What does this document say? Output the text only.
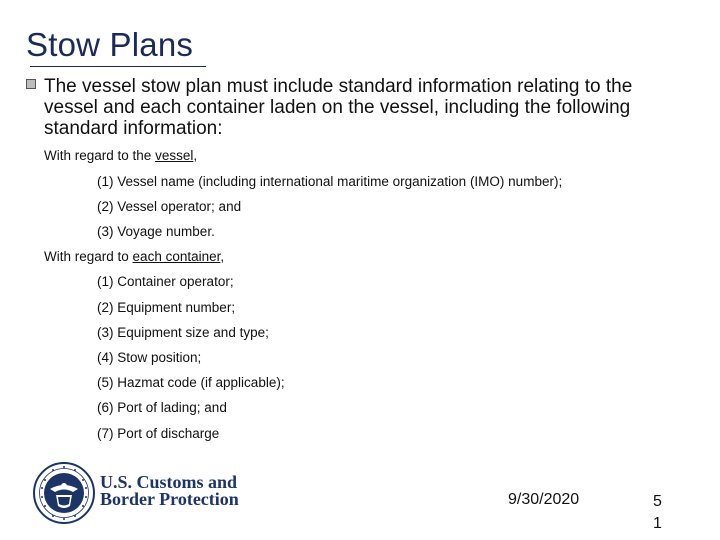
Stow Plans
The vessel stow plan must include standard information relating to the vessel and each container laden on the vessel, including the following standard information:
With regard to the vessel,
(1) Vessel name (including international maritime organization (IMO) number);
(2) Vessel operator; and
(3) Voyage number.
With regard to each container,
(1) Container operator;
(2) Equipment number;
(3) Equipment size and type;
(4) Stow position;
(5) Hazmat code (if applicable);
(6) Port of lading; and
(7) Port of discharge
U.S. Customs and
Border Protection	9/30/2020	51
